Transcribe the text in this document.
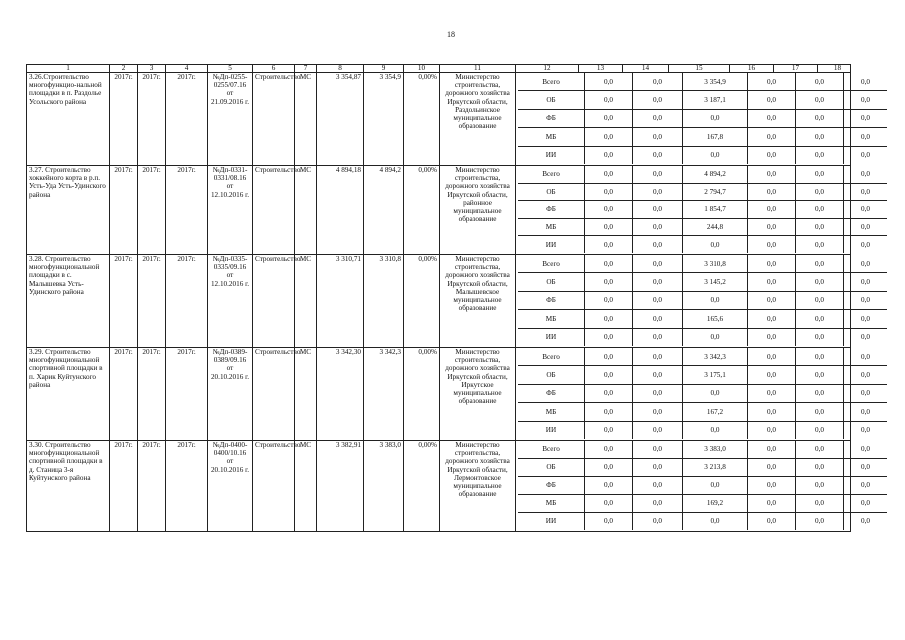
18
1	2	3	4	5	6	7	8	9	10	11		12	13	14	15	16	17	18

3.26.Строительство многофункцио-нальной площадки в п. Раздолье Усольского района	2017г.	2017г.	2017г.	№Дп-0255-0255/07.16 от 21.09.2016 г.	Строительство	МС	3 354,87	3 354,9	0,00%	Министерство строительства, дорожного хозяйства Иркутской области, Раздольинское муниципальное образование	
Всего	0,0	0,0	3 354,9	0,0	0,0	0,0
ОБ	0,0	0,0	3 187,1	0,0	0,0	0,0
ФБ	0,0	0,0	0,0	0,0	0,0	0,0
МБ	0,0	0,0	167,8	0,0	0,0	0,0
ИИ	0,0	0,0	0,0	0,0	0,0	0,0

3.27. Строительство хоккейного корта в р.п. Усть-Уда Усть-Удинского района	2017г.	2017г.	2017г.	№Дп-0331-0331/08.16 от 12.10.2016 г.	Строительство	МС	4 894,18	4 894,2	0,00%	Министерство строительства, дорожного хозяйства Иркутской области, районное муниципальное образование	
Всего	0,0	0,0	4 894,2	0,0	0,0	0,0
ОБ	0,0	0,0	2 794,7	0,0	0,0	0,0
ФБ	0,0	0,0	1 854,7	0,0	0,0	0,0
МБ	0,0	0,0	244,8	0,0	0,0	0,0
ИИ	0,0	0,0	0,0	0,0	0,0	0,0

3.28. Строительство многофункциональной площадки в с. Малышевка Усть-Удинского района	2017г.	2017г.	2017г.	№Дп-0335-0335/09.16 от 12.10.2016 г.	Строительство	МС	3 310,71	3 310,8	0,00%	Министерство строительства, дорожного хозяйства Иркутской области, Малышевское муниципальное образование	
Всего	0,0	0,0	3 310,8	0,0	0,0	0,0
ОБ	0,0	0,0	3 145,2	0,0	0,0	0,0
ФБ	0,0	0,0	0,0	0,0	0,0	0,0
МБ	0,0	0,0	165,6	0,0	0,0	0,0
ИИ	0,0	0,0	0,0	0,0	0,0	0,0

3.29. Строительство многофункциональной спортивной площадки в п. Харик Куйтунского района	2017г.	2017г.	2017г.	№Дп-0389-0389/09.16 от 20.10.2016 г.	Строительство	МС	3 342,30	3 342,3	0,00%	Министерство строительства, дорожного хозяйства Иркутской области, Иркутское муниципальное образование	
Всего	0,0	0,0	3 342,3	0,0	0,0	0,0
ОБ	0,0	0,0	3 175,1	0,0	0,0	0,0
ФБ	0,0	0,0	0,0	0,0	0,0	0,0
МБ	0,0	0,0	167,2	0,0	0,0	0,0
ИИ	0,0	0,0	0,0	0,0	0,0	0,0

3.30. Строительство многофункциональной спортивной площадки в д. Станица 3-я Куйтунского района	2017г.	2017г.	2017г.	№Дп-0400-0400/10.16 от 20.10.2016 г.	Строительство	МС	3 382,91	3 383,0	0,00%	Министерство строительства, дорожного хозяйства Иркутской области, Лермонтовское муниципальное образование	
Всего	0,0	0,0	3 383,0	0,0	0,0	0,0
ОБ	0,0	0,0	3 213,8	0,0	0,0	0,0
ФБ	0,0	0,0	0,0	0,0	0,0	0,0
МБ	0,0	0,0	169,2	0,0	0,0	0,0
ИИ	0,0	0,0	0,0	0,0	0,0	0,0
